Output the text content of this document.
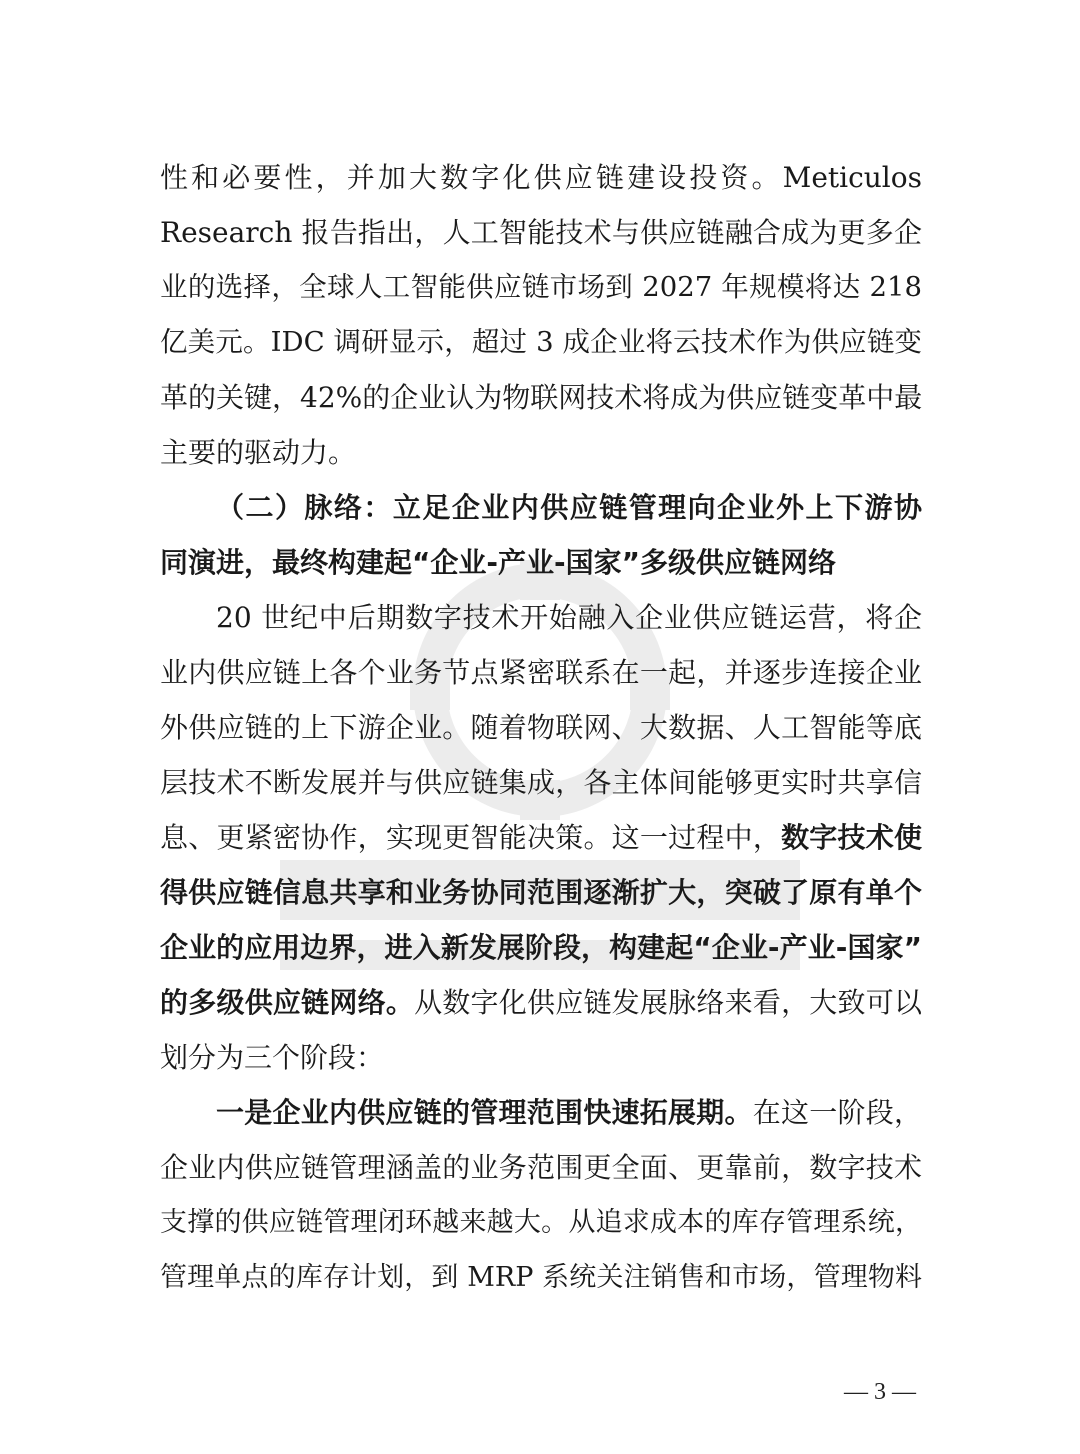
性和必要性，并加大数字化供应链建设投资。Meticulos
Research 报告指出，人工智能技术与供应链融合成为更多企
业的选择，全球人工智能供应链市场到 2027 年规模将达 218
亿美元。IDC 调研显示，超过 3 成企业将云技术作为供应链变
革的关键，42%的企业认为物联网技术将成为供应链变革中最
主要的驱动力。
（二）脉络：立足企业内供应链管理向企业外上下游协
同演进，最终构建起“企业-产业-国家”多级供应链网络
20 世纪中后期数字技术开始融入企业供应链运营，将企
业内供应链上各个业务节点紧密联系在一起，并逐步连接企业
外供应链的上下游企业。随着物联网、大数据、人工智能等底
层技术不断发展并与供应链集成，各主体间能够更实时共享信
息、更紧密协作，实现更智能决策。这一过程中，数字技术使
得供应链信息共享和业务协同范围逐渐扩大，突破了原有单个
企业的应用边界，进入新发展阶段，构建起“企业-产业-国家”
的多级供应链网络。从数字化供应链发展脉络来看，大致可以
划分为三个阶段：
一是企业内供应链的管理范围快速拓展期。在这一阶段，
企业内供应链管理涵盖的业务范围更全面、更靠前，数字技术
支撑的供应链管理闭环越来越大。从追求成本的库存管理系统，
管理单点的库存计划，到 MRP 系统关注销售和市场，管理物料
— 3 —
